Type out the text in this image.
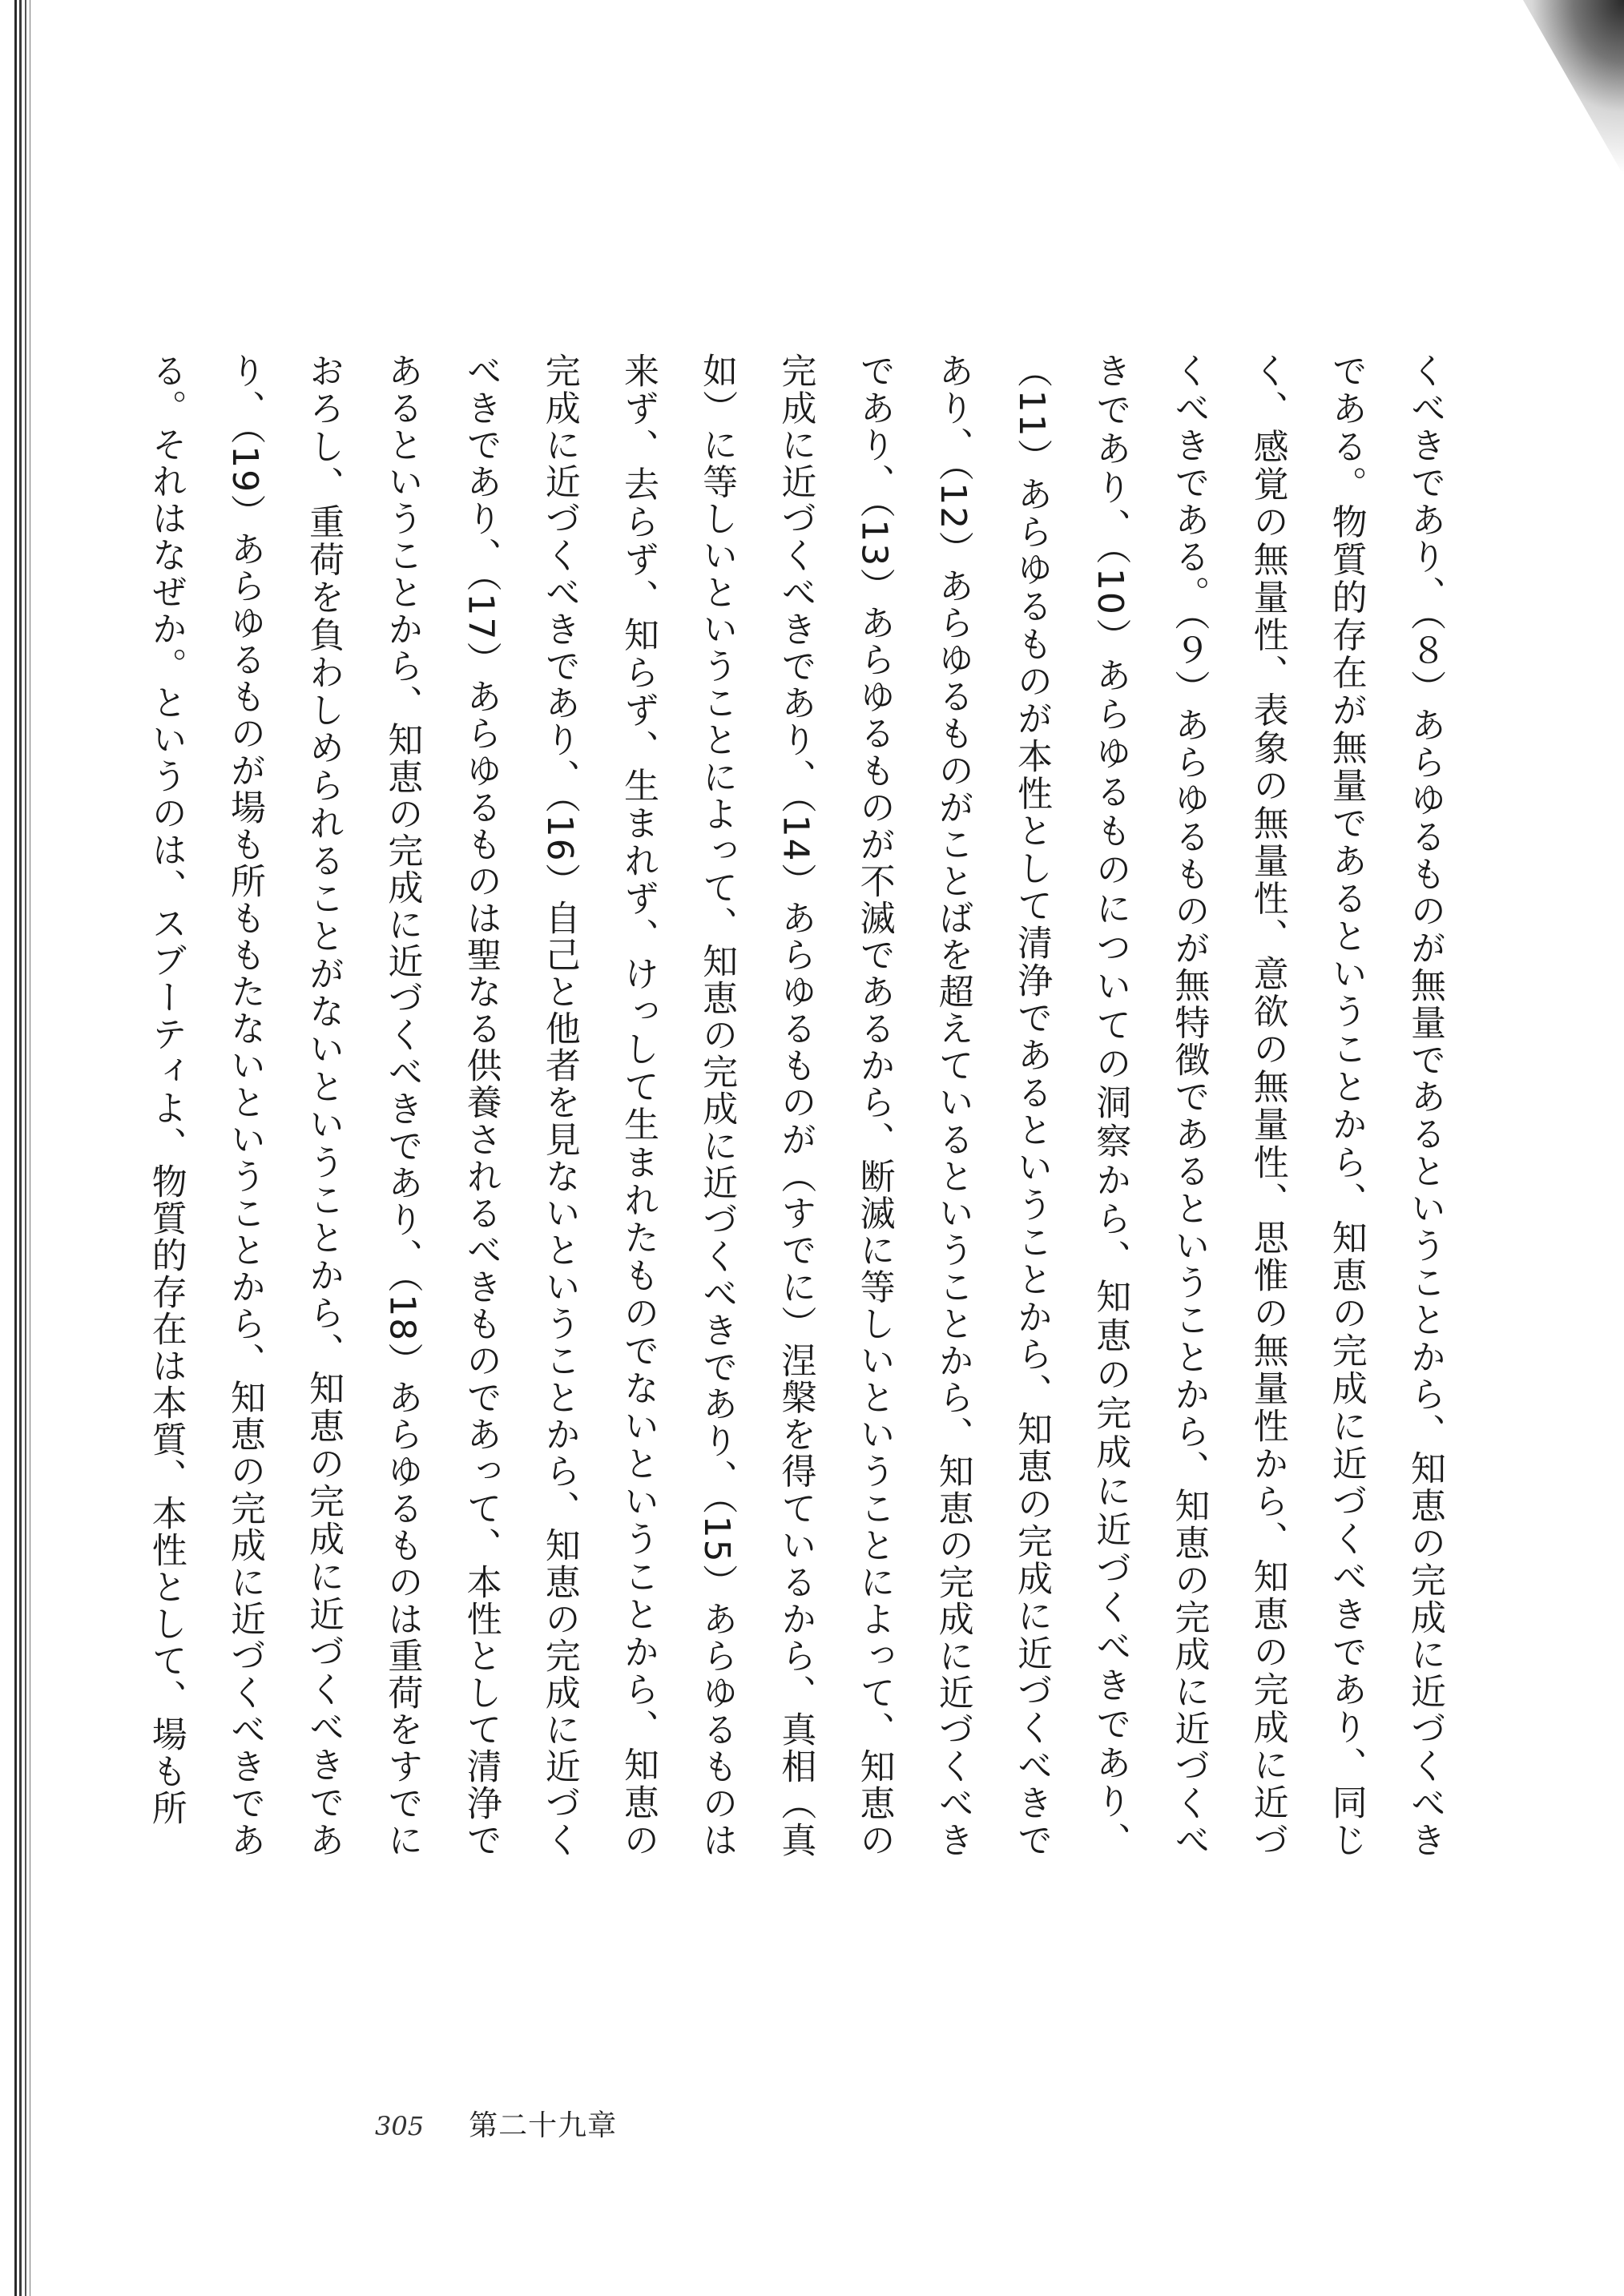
くべきであり、（８）あらゆるものが無量であるということから、知恵の完成に近づくべきである。物質的存在が無量であるということから、知恵の完成に近づくべきであり、同じく、感覚の無量性、表象の無量性、意欲の無量性、思惟の無量性から、知恵の完成に近づくべきである。（９）あらゆるものが無特徴であるということから、知恵の完成に近づくべきであり、（10）あらゆるものについての洞察から、知恵の完成に近づくべきであり、（11）あらゆるものが本性として清浄であるということから、知恵の完成に近づくべきであり、（12）あらゆるものがことばを超えているということから、知恵の完成に近づくべきであり、（13）あらゆるものが不滅であるから、断滅に等しいということによって、知恵の完成に近づくべきであり、（14）あらゆるものが（すでに）涅槃を得ているから、真相（真如）に等しいということによって、知恵の完成に近づくべきであり、（15）あらゆるものは来ず、去らず、知らず、生まれず、けっして生まれたものでないということから、知恵の完成に近づくべきであり、（16）自己と他者を見ないということから、知恵の完成に近づくべきであり、（17）あらゆるものは聖なる供養されるべきものであって、本性として清浄であるということから、知恵の完成に近づくべきであり、（18）あらゆるものは重荷をすでにおろし、重荷を負わしめられることがないということから、知恵の完成に近づくべきであり、（19）あらゆるものが場も所ももたないということから、知恵の完成に近づくべきである。それはなぜか。というのは、スブーティよ、物質的存在は本質、本性として、場も所

305 第二十九章
